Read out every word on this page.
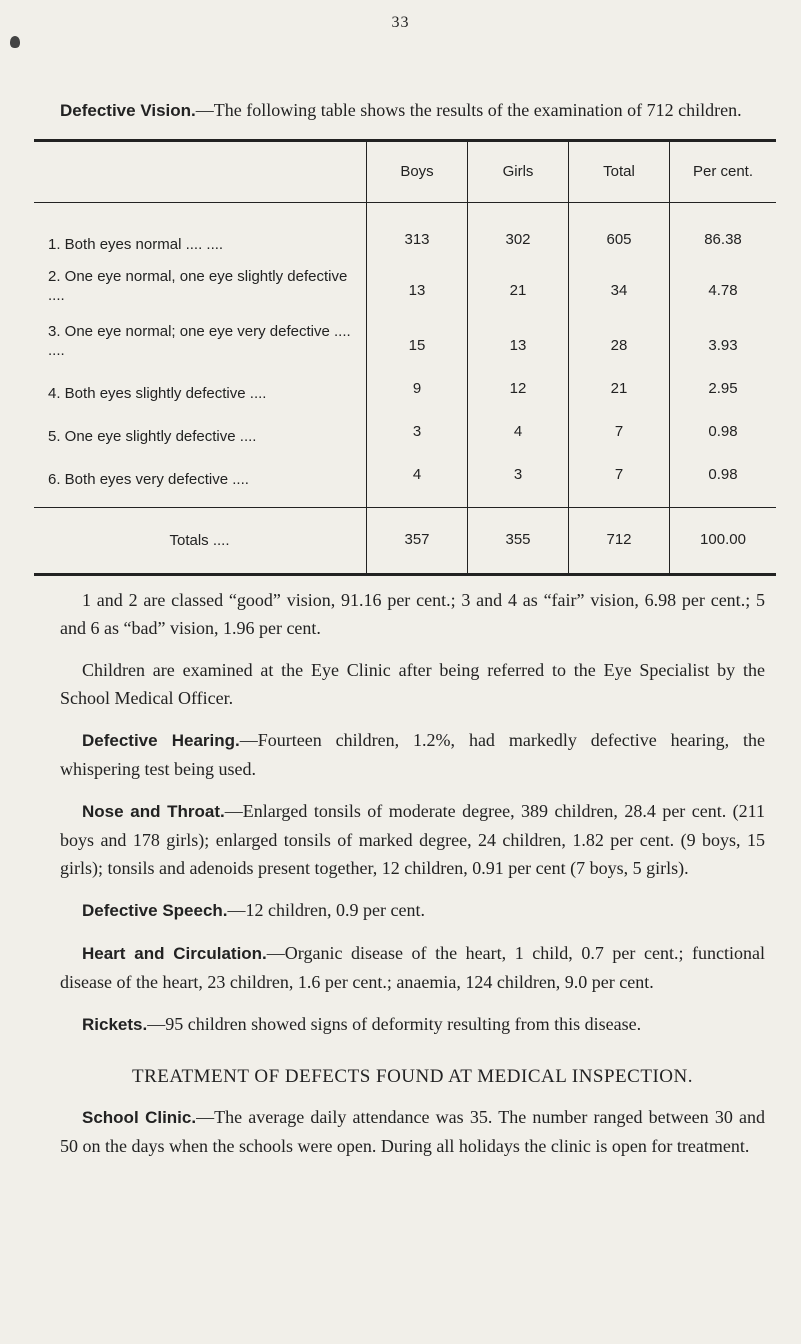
33

Defective Vision.—The following table shows the results of the examination of 712 children.

	Boys	Girls	Total	Per cent.

1. Both eyes normal .... ....	313	302	605	86.38
2. One eye normal, one eye slightly defective ....	13	21	34	4.78
3. One eye normal; one eye very defective .... ....	15	13	28	3.93
4. Both eyes slightly defective ....	9	12	21	2.95
5. One eye slightly defective ....	3	4	7	0.98
6. Both eyes very defective ....	4	3	7	0.98
Totals ....	357	355	712	100.00

1 and 2 are classed “good” vision, 91.16 per cent.; 3 and 4 as “fair” vision, 6.98 per cent.; 5 and 6 as “bad” vision, 1.96 per cent.

Children are examined at the Eye Clinic after being referred to the Eye Specialist by the School Medical Officer.

Defective Hearing.—Fourteen children, 1.2%, had markedly defective hearing, the whispering test being used.

Nose and Throat.—Enlarged tonsils of moderate degree, 389 children, 28.4 per cent. (211 boys and 178 girls); enlarged tonsils of marked degree, 24 children, 1.82 per cent. (9 boys, 15 girls); tonsils and adenoids present together, 12 children, 0.91 per cent (7 boys, 5 girls).

Defective Speech.—12 children, 0.9 per cent.

Heart and Circulation.—Organic disease of the heart, 1 child, 0.7 per cent.; functional disease of the heart, 23 children, 1.6 per cent.; anaemia, 124 children, 9.0 per cent.

Rickets.—95 children showed signs of deformity resulting from this disease.

TREATMENT OF DEFECTS FOUND AT MEDICAL INSPECTION.

School Clinic.—The average daily attendance was 35. The number ranged between 30 and 50 on the days when the schools were open. During all holidays the clinic is open for treatment.
